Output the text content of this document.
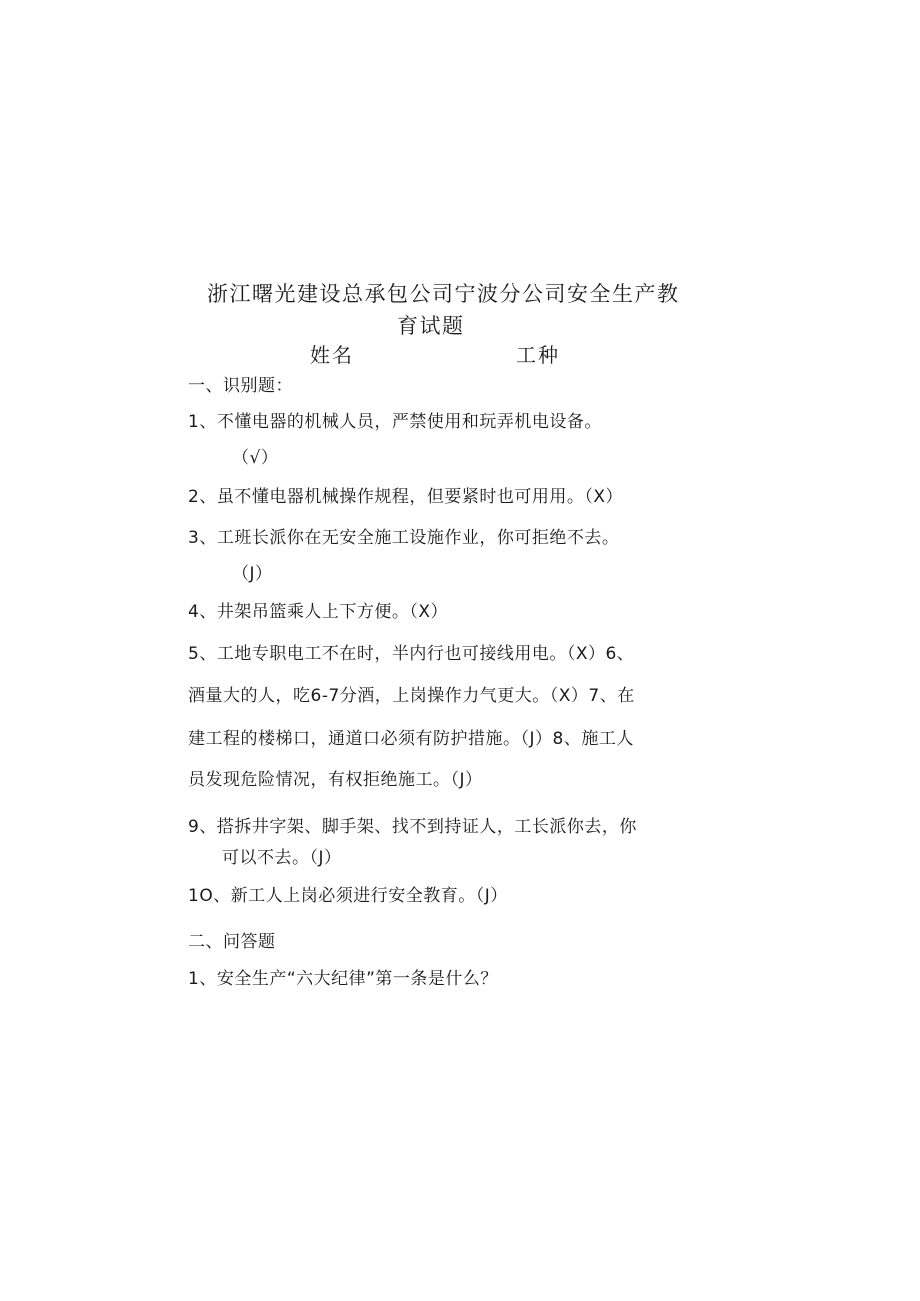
浙江曙光建设总承包公司宁波分公司安全生产教
育试题
姓名	工种
一、识别题：
1、不懂电器的机械人员，严禁使用和玩弄机电设备。
（√）
2、虽不懂电器机械操作规程，但要紧时也可用用。（X）
3、工班长派你在无安全施工设施作业，你可拒绝不去。
（J）
4、井架吊篮乘人上下方便。（X）
5、工地专职电工不在时，半内行也可接线用电。（X）6、
酒量大的人，吃6-7分酒，上岗操作力气更大。（X）7、在
建工程的楼梯口，通道口必须有防护措施。（J）8、施工人
员发现危险情况，有权拒绝施工。（J）
9、搭拆井字架、脚手架、找不到持证人，工长派你去，你
可以不去。（J）
1O、新工人上岗必须进行安全教育。（J）
二、问答题
1、安全生产“六大纪律”第一条是什么？
